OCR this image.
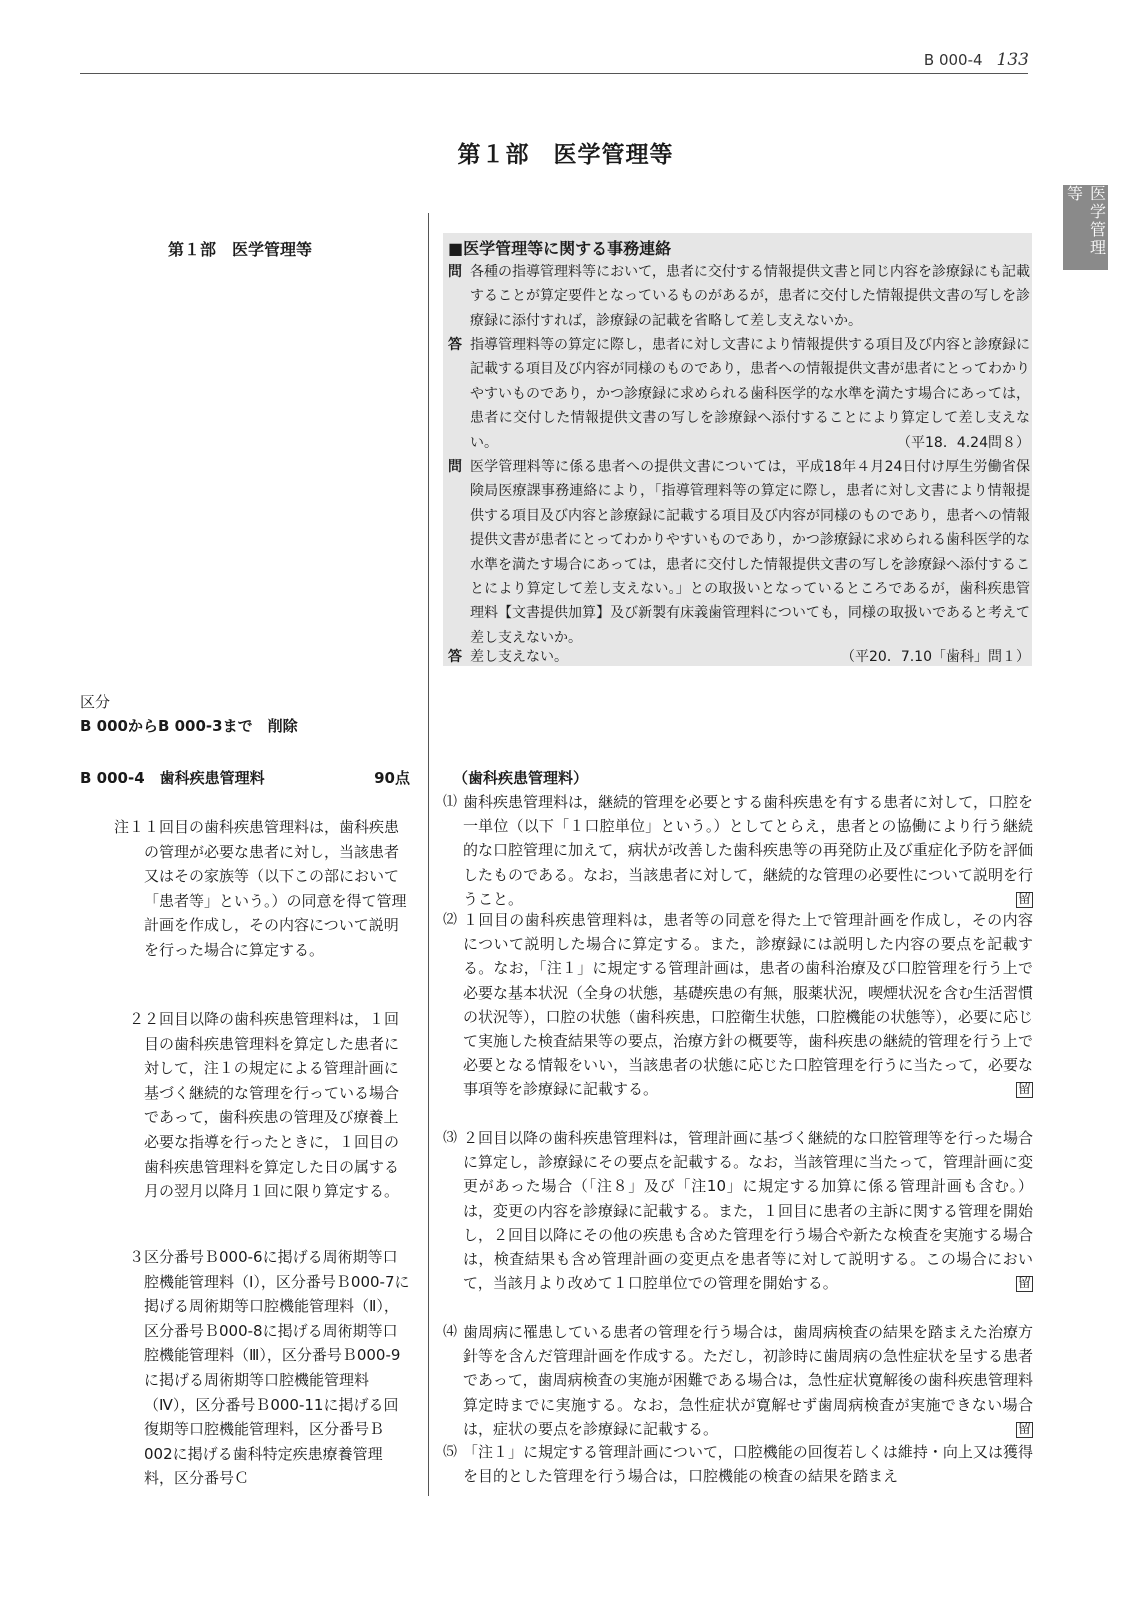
B 000-4 133
第１部　医学管理等
医学管理等
第１部　医学管理等	■医学管理等に関する事務連絡
問 各種の指導管理料等において，患者に交付する情報提供文書と同じ内容を診療録にも記載することが算定要件となっているものがあるが，患者に交付した情報提供文書の写しを診療録に添付すれば，診療録の記載を省略して差し支えないか。
答 指導管理料等の算定に際し，患者に対し文書により情報提供する項目及び内容と診療録に記載する項目及び内容が同様のものであり，患者への情報提供文書が患者にとってわかりやすいものであり，かつ診療録に求められる歯科医学的な水準を満たす場合にあっては，患者に交付した情報提供文書の写しを診療録へ添付することにより算定して差し支えない。	（平18．4.24問８）
問 医学管理料等に係る患者への提供文書については，平成18年４月24日付け厚生労働省保険局医療課事務連絡により，「指導管理料等の算定に際し，患者に対し文書により情報提供する項目及び内容と診療録に記載する項目及び内容が同様のものであり，患者への情報提供文書が患者にとってわかりやすいものであり，かつ診療録に求められる歯科医学的な水準を満たす場合にあっては，患者に交付した情報提供文書の写しを診療録へ添付することにより算定して差し支えない。」との取扱いとなっているところであるが，歯科疾患管理料【文書提供加算】及び新製有床義歯管理料についても，同様の取扱いであると考えて差し支えないか。
答 差し支えない。	（平20．7.10「歯科」問１）
区分
B 000からB 000-3まで　削除
B 000-4　歯科疾患管理料	90点
注１ １回目の歯科疾患管理料は，歯科疾患の管理が必要な患者に対し，当該患者又はその家族等（以下この部において「患者等」という。）の同意を得て管理計画を作成し，その内容について説明を行った場合に算定する。
２ ２回目以降の歯科疾患管理料は，１回目の歯科疾患管理料を算定した患者に対して，注１の規定による管理計画に基づく継続的な管理を行っている場合であって，歯科疾患の管理及び療養上必要な指導を行ったときに，１回目の歯科疾患管理料を算定した日の属する月の翌月以降月１回に限り算定する。
３ 区分番号Ｂ000-6に掲げる周術期等口腔機能管理料（Ⅰ），区分番号Ｂ000-7に掲げる周術期等口腔機能管理料（Ⅱ），区分番号Ｂ000-8に掲げる周術期等口腔機能管理料（Ⅲ），区分番号Ｂ000-9に掲げる周術期等口腔機能管理料（Ⅳ），区分番号Ｂ000-11に掲げる回復期等口腔機能管理料，区分番号Ｂ002に掲げる歯科特定疾患療養管理料，区分番号Ｃ
（歯科疾患管理料）
⑴ 歯科疾患管理料は，継続的管理を必要とする歯科疾患を有する患者に対して，口腔を一単位（以下「１口腔単位」という。）としてとらえ，患者との協働により行う継続的な口腔管理に加えて，病状が改善した歯科疾患等の再発防止及び重症化予防を評価したものである。なお，当該患者に対して，継続的な管理の必要性について説明を行うこと。	留
⑵ １回目の歯科疾患管理料は，患者等の同意を得た上で管理計画を作成し，その内容について説明した場合に算定する。また，診療録には説明した内容の要点を記載する。なお，「注１」に規定する管理計画は，患者の歯科治療及び口腔管理を行う上で必要な基本状況（全身の状態，基礎疾患の有無，服薬状況，喫煙状況を含む生活習慣の状況等），口腔の状態（歯科疾患，口腔衛生状態，口腔機能の状態等），必要に応じて実施した検査結果等の要点，治療方針の概要等，歯科疾患の継続的管理を行う上で必要となる情報をいい，当該患者の状態に応じた口腔管理を行うに当たって，必要な事項等を診療録に記載する。	留
⑶ ２回目以降の歯科疾患管理料は，管理計画に基づく継続的な口腔管理等を行った場合に算定し，診療録にその要点を記載する。なお，当該管理に当たって，管理計画に変更があった場合（「注８」及び「注10」に規定する加算に係る管理計画も含む。）は，変更の内容を診療録に記載する。また，１回目に患者の主訴に関する管理を開始し，２回目以降にその他の疾患も含めた管理を行う場合や新たな検査を実施する場合は，検査結果も含め管理計画の変更点を患者等に対して説明する。この場合において，当該月より改めて１口腔単位での管理を開始する。	留
⑷ 歯周病に罹患している患者の管理を行う場合は，歯周病検査の結果を踏まえた治療方針等を含んだ管理計画を作成する。ただし，初診時に歯周病の急性症状を呈する患者であって，歯周病検査の実施が困難である場合は，急性症状寛解後の歯科疾患管理料算定時までに実施する。なお，急性症状が寛解せず歯周病検査が実施できない場合は，症状の要点を診療録に記載する。	留
⑸ 「注１」に規定する管理計画について，口腔機能の回復若しくは維持・向上又は獲得を目的とした管理を行う場合は，口腔機能の検査の結果を踏まえ
